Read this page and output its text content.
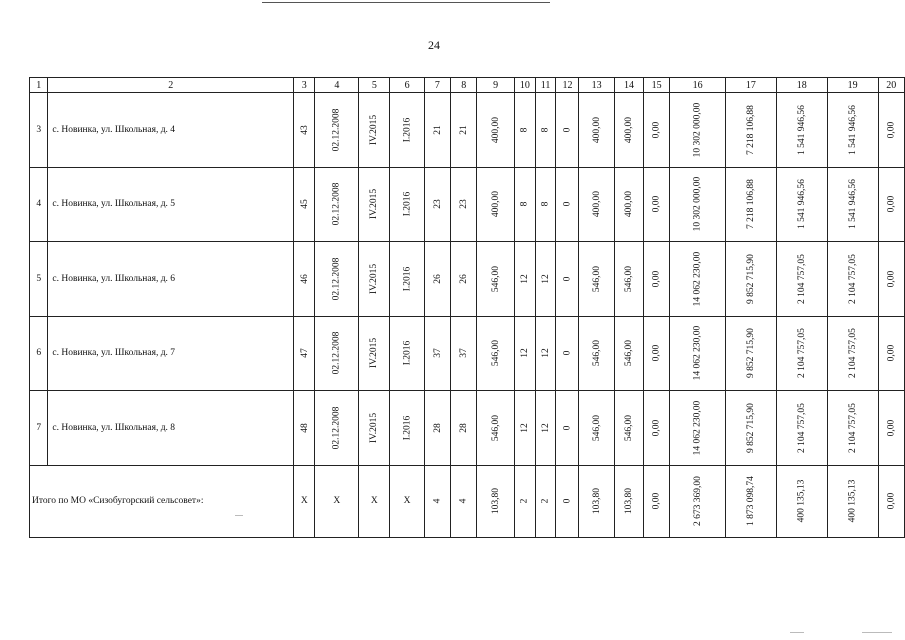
24
1	2	3	4	5	6	7	8	9	10	11	12	13	14	15	16	17	18	19	20
3	с. Новинка, ул. Школьная, д. 4	43	02.12.2008	IV.2015	I.2016	21	21	400,00	8	8	0	400,00	400,00	0,00	10 302 000,00	7 218 106,88	1 541 946,56	1 541 946,56	0,00
4	с. Новинка, ул. Школьная, д. 5	45	02.12.2008	IV.2015	I.2016	23	23	400,00	8	8	0	400,00	400,00	0,00	10 302 000,00	7 218 106,88	1 541 946,56	1 541 946,56	0,00
5	с. Новинка, ул. Школьная, д. 6	46	02.12.2008	IV.2015	I.2016	26	26	546,00	12	12	0	546,00	546,00	0,00	14 062 230,00	9 852 715,90	2 104 757,05	2 104 757,05	0,00
6	с. Новинка, ул. Школьная, д. 7	47	02.12.2008	IV.2015	I.2016	37	37	546,00	12	12	0	546,00	546,00	0,00	14 062 230,00	9 852 715,90	2 104 757,05	2 104 757,05	0,00
7	с. Новинка, ул. Школьная, д. 8	48	02.12.2008	IV.2015	I.2016	28	28	546,00	12	12	0	546,00	546,00	0,00	14 062 230,00	9 852 715,90	2 104 757,05	2 104 757,05	0,00
Итого по МО «Сизобугорский сельсовет»:		X	X	X	X	4	4	103,80	2	2	0	103,80	103,80	0,00	2 673 369,00	1 873 098,74	400 135,13	400 135,13	0,00
